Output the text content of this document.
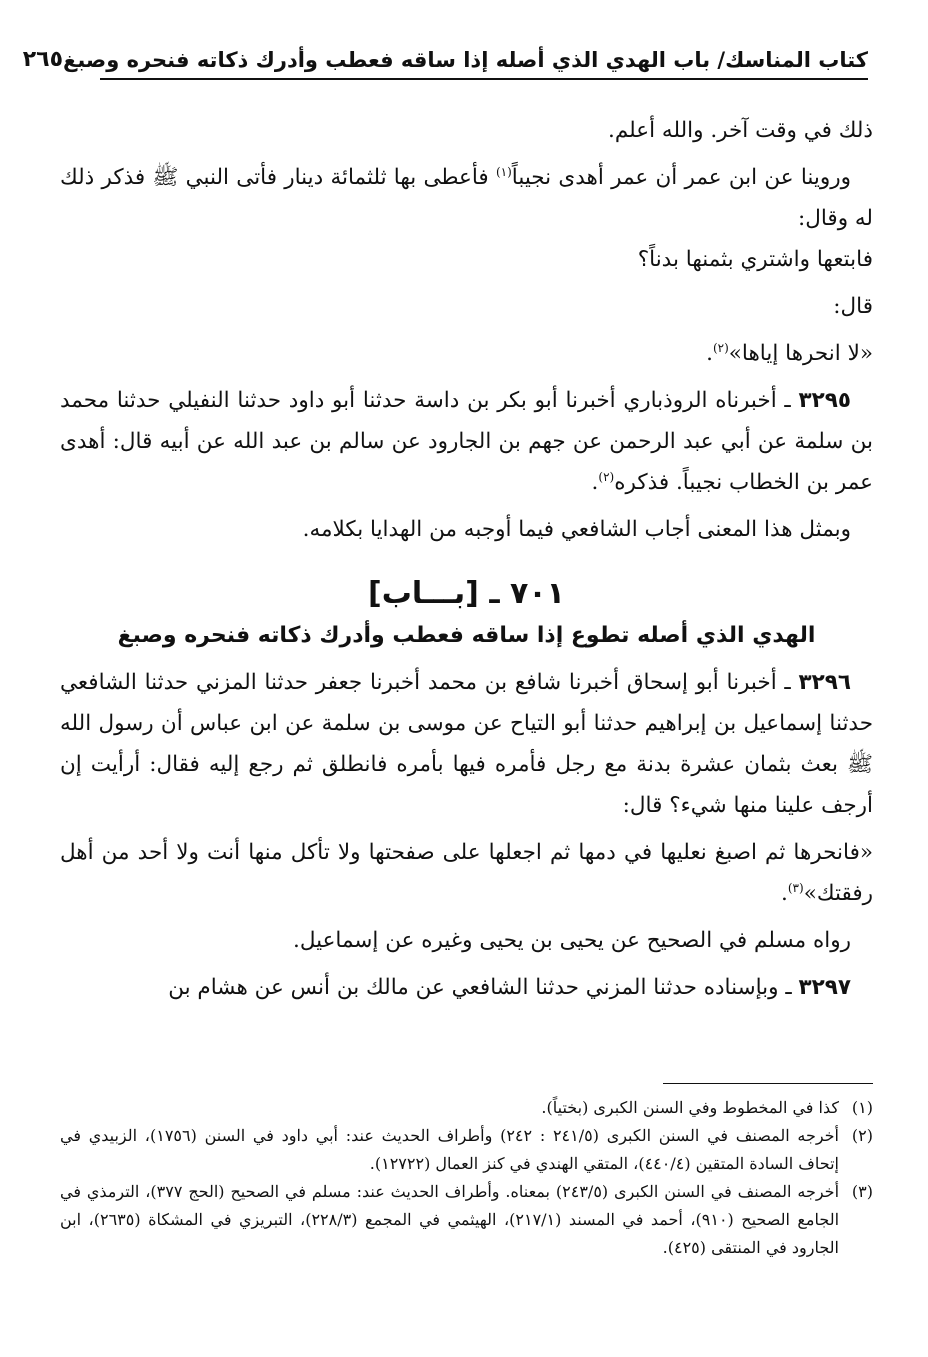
كتاب المناسك/ باب الهدي الذي أصله إذا ساقه فعطب وأدرك ذكاته فنحره وصبغ
٢٦٥

ذلك في وقت آخر. والله أعلم.

وروينا عن ابن عمر أن عمر أهدى نجيباً$^{(١)}$ فأعطى بها ثلثمائة دينار فأتى النبي ﷺ فذكر ذلك له وقال:

فابتعها واشتري بثمنها بدناً؟

قال:

«لا انحرها إياها»$^{(٢)}$.

٣٢٩٥ ـ أخبرناه الروذباري أخبرنا أبو بكر بن داسة حدثنا أبو داود حدثنا النفيلي حدثنا محمد بن سلمة عن أبي عبد الرحمن عن جهم بن الجارود عن سالم بن عبد الله عن أبيه قال: أهدى عمر بن الخطاب نجيباً. فذكره$^{(٢)}$.

وبمثل هذا المعنى أجاب الشافعي فيما أوجبه من الهدايا بكلامه.

٧٠١ ـ [بـــاب]
الهدي الذي أصله تطوع إذا ساقه فعطب وأدرك ذكاته فنحره وصبغ

٣٢٩٦ ـ أخبرنا أبو إسحاق أخبرنا شافع بن محمد أخبرنا جعفر حدثنا المزني حدثنا الشافعي حدثنا إسماعيل بن إبراهيم حدثنا أبو التياح عن موسى بن سلمة عن ابن عباس أن رسول الله ﷺ بعث بثمان عشرة بدنة مع رجل فأمره فيها بأمره فانطلق ثم رجع إليه فقال: أرأيت إن أرجف علينا منها شيء؟ قال:

«فانحرها ثم اصبغ نعليها في دمها ثم اجعلها على صفحتها ولا تأكل منها أنت ولا أحد من أهل رفقتك»$^{(٣)}$.

رواه مسلم في الصحيح عن يحيى بن يحيى وغيره عن إسماعيل.

٣٢٩٧ ـ وبإسناده حدثنا المزني حدثنا الشافعي عن مالك بن أنس عن هشام بن

(١)
كذا في المخطوط وفي السنن الكبرى (بختياً).
(٢)
أخرجه المصنف في السنن الكبرى (٢٤١/٥ : ٢٤٢) وأطراف الحديث عند: أبي داود في السنن (١٧٥٦)، الزبيدي في إتحاف السادة المتقين (٤٤٠/٤)، المتقي الهندي في كنز العمال (١٢٧٢٢).
(٣)
أخرجه المصنف في السنن الكبرى (٢٤٣/٥) بمعناه. وأطراف الحديث عند: مسلم في الصحيح (الحج ٣٧٧)، الترمذي في الجامع الصحيح (٩١٠)، أحمد في المسند (٢١٧/١)، الهيثمي في المجمع (٢٢٨/٣)، التبريزي في المشكاة (٢٦٣٥)، ابن الجارود في المنتقى (٤٢٥).
